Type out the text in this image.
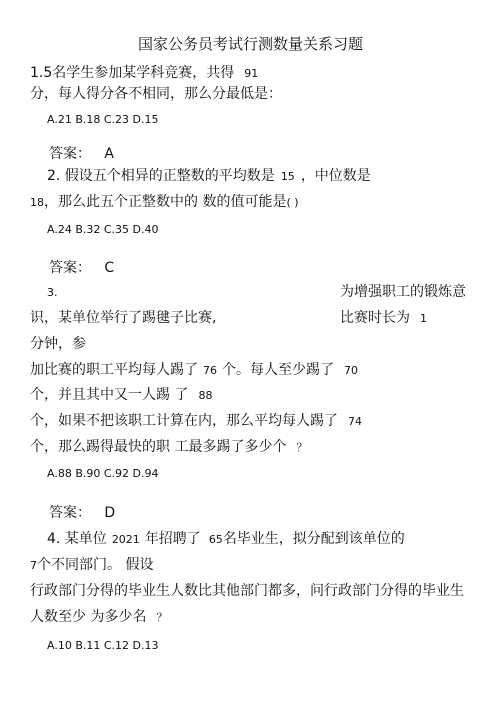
国家公务员考试行测数量关系习题
1.5名学生参加某学科竞赛，共得 91
分，每人得分各不相同，那么分最低是：
A.21 B.18 C.23 D.15
答案：   A
2. 假设五个相异的正整数的平均数是 15 ，中位数是
18，那么此五个正整数中的 数的值可能是( )
A.24 B.32 C.35 D.40
答案：   C
3.	为增强职工的锻炼意
识，某单位举行了踢毽子比赛,	比赛时长为 1
分钟，参
加比赛的职工平均每人踢了 76 个。每人至少踢了 70
个，并且其中又一人踢 了 88
个，如果不把该职工计算在内，那么平均每人踢了 74
个，那么踢得最快的职 工最多踢了多少个 ？
A.88 B.90 C.92 D.94
答案：   D
4. 某单位 2021 年招聘了 65名毕业生，拟分配到该单位的
7个不同部门。 假设
行政部门分得的毕业生人数比其他部门都多，问行政部门分得的毕业生
人数至少 为多少名 ？
A.10 B.11 C.12 D.13
